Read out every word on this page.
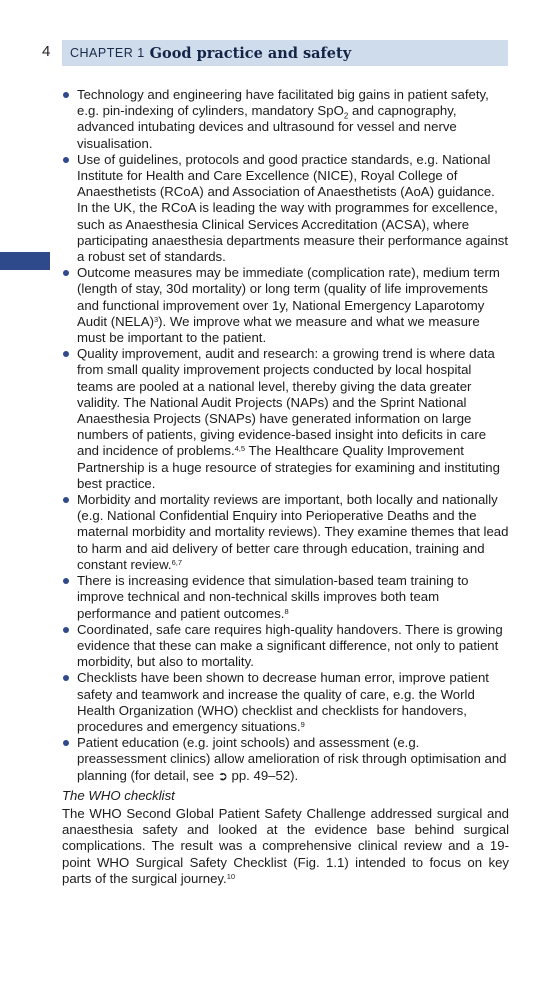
4 CHAPTER 1 Good practice and safety
Technology and engineering have facilitated big gains in patient safety, e.g. pin-indexing of cylinders, mandatory SpO$_2$ and capnography, advanced intubating devices and ultrasound for vessel and nerve visualisation.
Use of guidelines, protocols and good practice standards, e.g. National Institute for Health and Care Excellence (NICE), Royal College of Anaesthetists (RCoA) and Association of Anaesthetists (AoA) guidance. In the UK, the RCoA is leading the way with programmes for excellence, such as Anaesthesia Clinical Services Accreditation (ACSA), where participating anaesthesia departments measure their performance against a robust set of standards.
Outcome measures may be immediate (complication rate), medium term (length of stay, 30d mortality) or long term (quality of life improvements and functional improvement over 1y, National Emergency Laparotomy Audit (NELA)$^3$). We improve what we measure and what we measure must be important to the patient.
Quality improvement, audit and research: a growing trend is where data from small quality improvement projects conducted by local hospital teams are pooled at a national level, thereby giving the data greater validity. The National Audit Projects (NAPs) and the Sprint National Anaesthesia Projects (SNAPs) have generated information on large numbers of patients, giving evidence-based insight into deficits in care and incidence of problems.$^{4,5}$ The Healthcare Quality Improvement Partnership is a huge resource of strategies for examining and instituting best practice.
Morbidity and mortality reviews are important, both locally and nationally (e.g. National Confidential Enquiry into Perioperative Deaths and the maternal morbidity and mortality reviews). They examine themes that lead to harm and aid delivery of better care through education, training and constant review.$^{6,7}$
There is increasing evidence that simulation-based team training to improve technical and non-technical skills improves both team performance and patient outcomes.$^8$
Coordinated, safe care requires high-quality handovers. There is growing evidence that these can make a significant difference, not only to patient morbidity, but also to mortality.
Checklists have been shown to decrease human error, improve patient safety and teamwork and increase the quality of care, e.g. the World Health Organization (WHO) checklist and checklists for handovers, procedures and emergency situations.$^9$
Patient education (e.g. joint schools) and assessment (e.g. preassessment clinics) allow amelioration of risk through optimisation and planning (for detail, see ➲ pp. 49–52).
The WHO checklist
The WHO Second Global Patient Safety Challenge addressed surgical and anaesthesia safety and looked at the evidence base behind surgical complications. The result was a comprehensive clinical review and a 19-point WHO Surgical Safety Checklist (Fig. 1.1) intended to focus on key parts of the surgical journey.$^{10}$
